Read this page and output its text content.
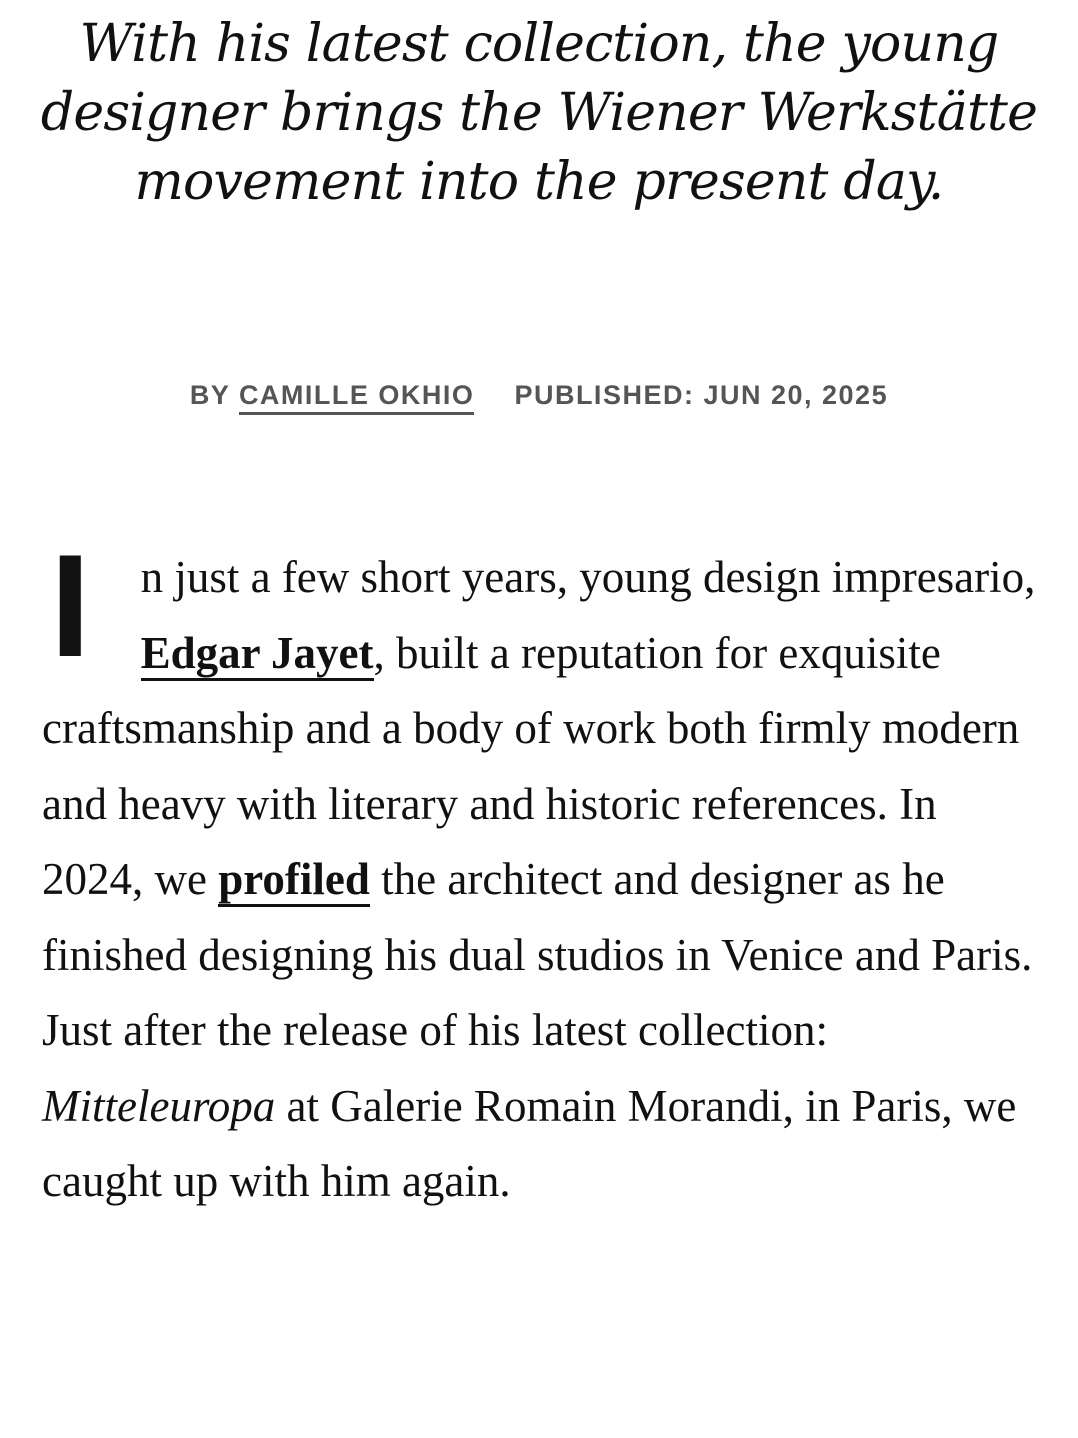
With his latest collection, the young designer brings the Wiener Werkstätte movement into the present day.
BY CAMILLE OKHIO PUBLISHED: JUN 20, 2025

I n just a few short years, young design impresario, Edgar Jayet, built a reputation for exquisite craftsmanship and a body of work both firmly modern and heavy with literary and historic references. In 2024, we profiled the architect and designer as he finished designing his dual studios in Venice and Paris. Just after the release of his latest collection: Mitteleuropa at Galerie Romain Morandi, in Paris, we caught up with him again.
